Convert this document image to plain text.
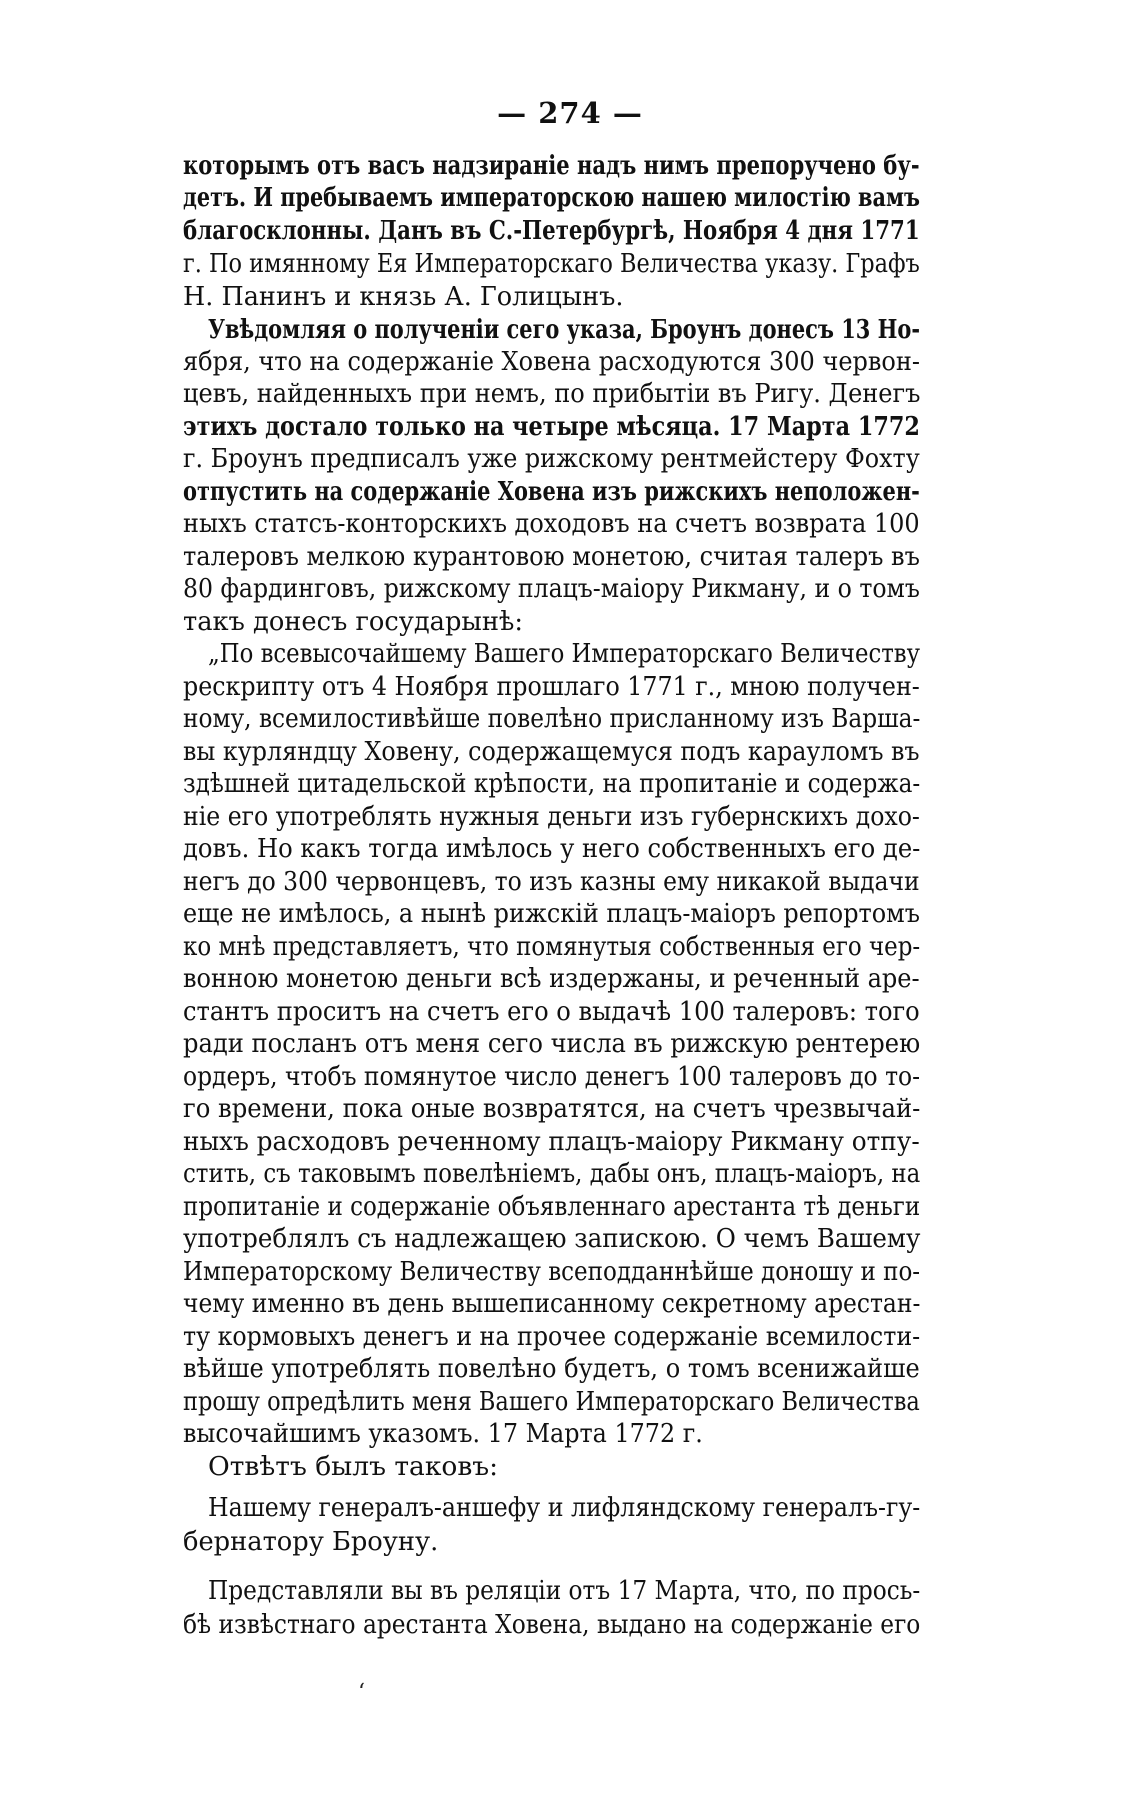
— 274 —
которымъ отъ васъ надзираніе надъ нимъ препоручено бу-
детъ. И пребываемъ императорскою нашею милостію вамъ
благосклонны. Данъ въ С.-Петербургѣ, Ноября 4 дня 1771
г. По имянному Ея Императорскаго Величества указу. Графъ
Н. Панинъ и князь А. Голицынъ.
Увѣдомляя о полученіи сего указа, Броунъ донесъ 13 Но-
ября, что на содержаніе Ховена расходуются 300 червон-
цевъ, найденныхъ при немъ, по прибытіи въ Ригу. Денегъ
этихъ достало только на четыре мѣсяца. 17 Марта 1772
г. Броунъ предписалъ уже рижскому рентмейстеру Фохту
отпустить на содержаніе Ховена изъ рижскихъ неположен-
ныхъ статсъ-конторскихъ доходовъ на счетъ возврата 100
талеровъ мелкою курантовою монетою, считая талеръ въ
80 фардинговъ, рижскому плацъ-маіору Рикману, и о томъ
такъ донесъ государынѣ:
„По всевысочайшему Вашего Императорскаго Величеству
рескрипту отъ 4 Ноября прошлаго 1771 г., мною получен-
ному, всемилостивѣйше повелѣно присланному изъ Варша-
вы курляндцу Ховену, содержащемуся подъ карауломъ въ
здѣшней цитадельской крѣпости, на пропитаніе и содержа-
ніе его употреблять нужныя деньги изъ губернскихъ дохо-
довъ. Но какъ тогда имѣлось у него собственныхъ его де-
негъ до 300 червонцевъ, то изъ казны ему никакой выдачи
еще не имѣлось, а нынѣ рижскій плацъ-маіоръ репортомъ
ко мнѣ представляетъ, что помянутыя собственныя его чер-
вонною монетою деньги всѣ издержаны, и реченный аре-
стантъ проситъ на счетъ его о выдачѣ 100 талеровъ: того
ради посланъ отъ меня сего числа въ рижскую рентерею
ордеръ, чтобъ помянутое число денегъ 100 талеровъ до то-
го времени, пока оные возвратятся, на счетъ чрезвычай-
ныхъ расходовъ реченному плацъ-маіору Рикману отпу-
стить, съ таковымъ повелѣніемъ, дабы онъ, плацъ-маіоръ, на
пропитаніе и содержаніе объявленнаго арестанта тѣ деньги
употреблялъ съ надлежащею запискою. О чемъ Вашему
Императорскому Величеству всеподданнѣйше доношу и по-
чему именно въ день вышеписанному секретному арестан-
ту кормовыхъ денегъ и на прочее содержаніе всемилости-
вѣйше употреблять повелѣно будетъ, о томъ всенижайше
прошу опредѣлить меня Вашего Императорскаго Величества
высочайшимъ указомъ. 17 Марта 1772 г.
Отвѣтъ былъ таковъ:
Нашему генералъ-аншефу и лифляндскому генералъ-гу-
бернатору Броуну.
Представляли вы въ реляціи отъ 17 Марта, что, по прось-
бѣ извѣстнаго арестанта Ховена, выдано на содержаніе его
ʻ
